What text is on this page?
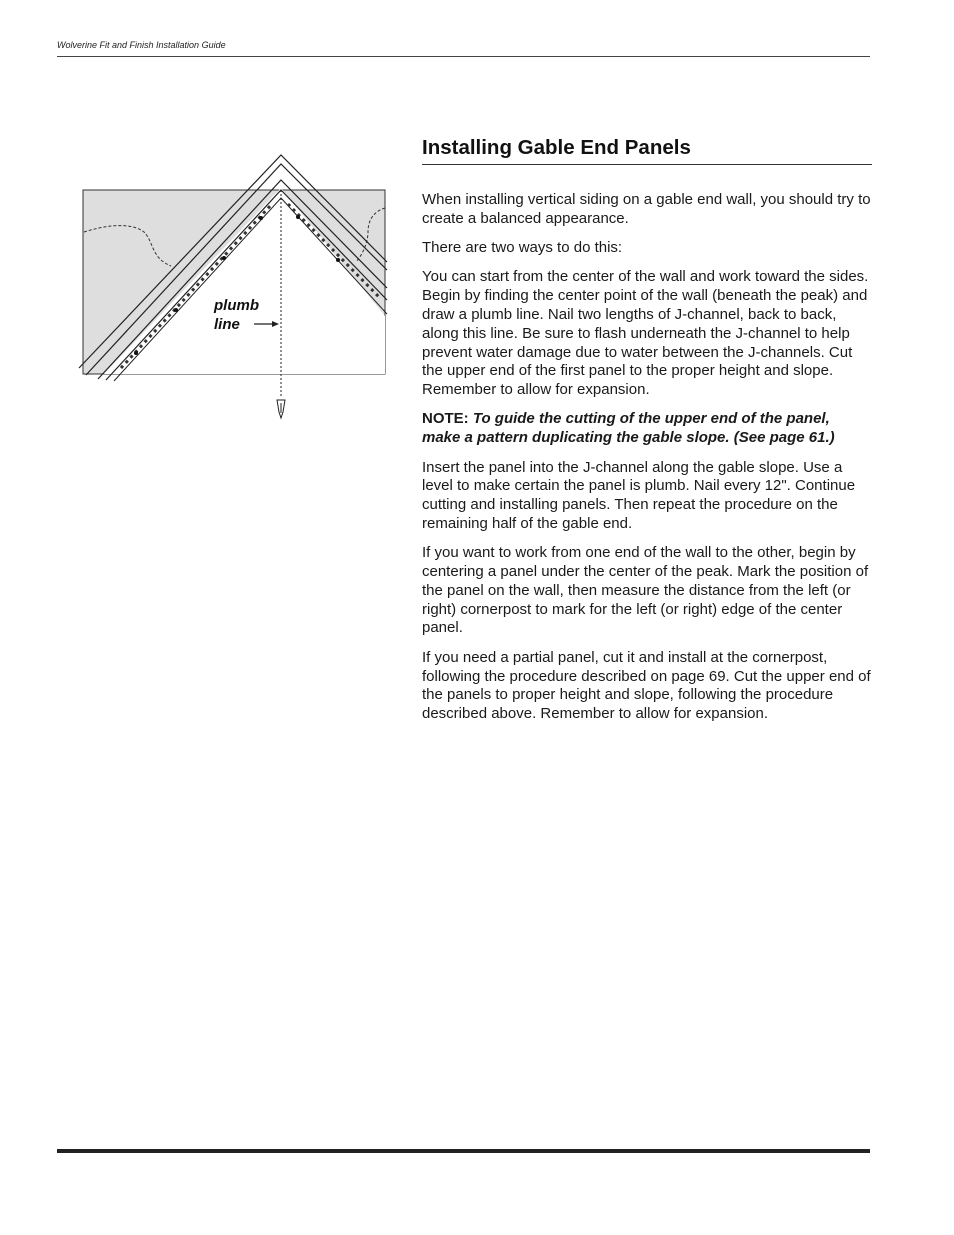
Wolverine Fit and Finish Installation Guide
plumb
line
Installing Gable End Panels

When installing vertical siding on a gable end wall, you should try to create a balanced appearance.

There are two ways to do this:

You can start from the center of the wall and work toward the sides. Begin by finding the center point of the wall (beneath the peak) and draw a plumb line. Nail two lengths of J-channel, back to back, along this line. Be sure to flash underneath the J-channel to help prevent water damage due to water between the J-channels. Cut the upper end of the first panel to the proper height and slope. Remember to allow for expansion.

NOTE: To guide the cutting of the upper end of the panel, make a pattern duplicating the gable slope. (See page 61.)

Insert the panel into the J-channel along the gable slope. Use a level to make certain the panel is plumb. Nail every 12". Continue cutting and installing panels. Then repeat the procedure on the remaining half of the gable end.

If you want to work from one end of the wall to the other, begin by centering a panel under the center of the peak. Mark the position of the panel on the wall, then measure the distance from the left (or right) cornerpost to mark for the left (or right) edge of the center panel.

If you need a partial panel, cut it and install at the cornerpost, following the procedure described on page 69. Cut the upper end of the panels to proper height and slope, following the procedure described above. Remember to allow for expansion.
